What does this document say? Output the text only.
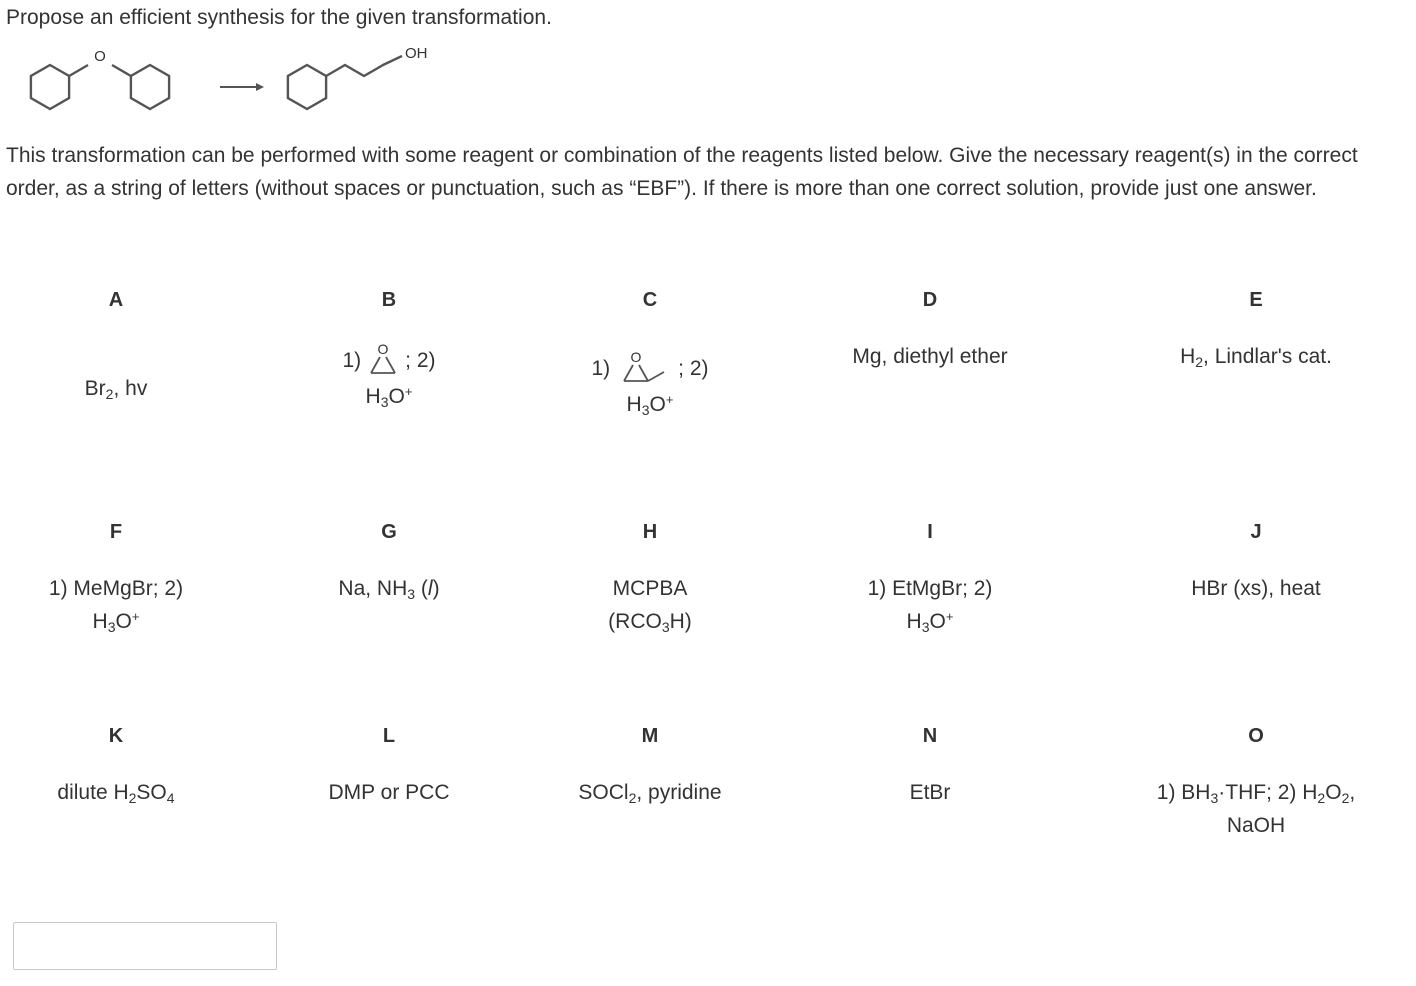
Propose an efficient synthesis for the given transformation.
O	OH
This transformation can be performed with some reagent or combination of the reagents listed below. Give the necessary reagent(s) in the correct order, as a string of letters (without spaces or punctuation, such as “EBF”). If there is more than one correct solution, provide just one answer.
A
$Br_2$, hv
B
1) O ; 2)

$H_3O^+$
C
1) O ; 2)

$H_3O^+$
D
Mg, diethyl ether
E
$H_2$, Lindlar's cat.
F
1) MeMgBr; 2)
$H_3O^+$
G
Na, $NH_3$ (l)
H
MCPBA
$(RCO_3H)$
I
1) EtMgBr; 2)
$H_3O^+$
J
HBr (xs), heat
K
dilute $H_2SO_4$
L
DMP or PCC
M
SOCl$_2$, pyridine
N
EtBr
O
1) $BH_3\cdot THF$; 2) $H_2O_2$,
NaOH
